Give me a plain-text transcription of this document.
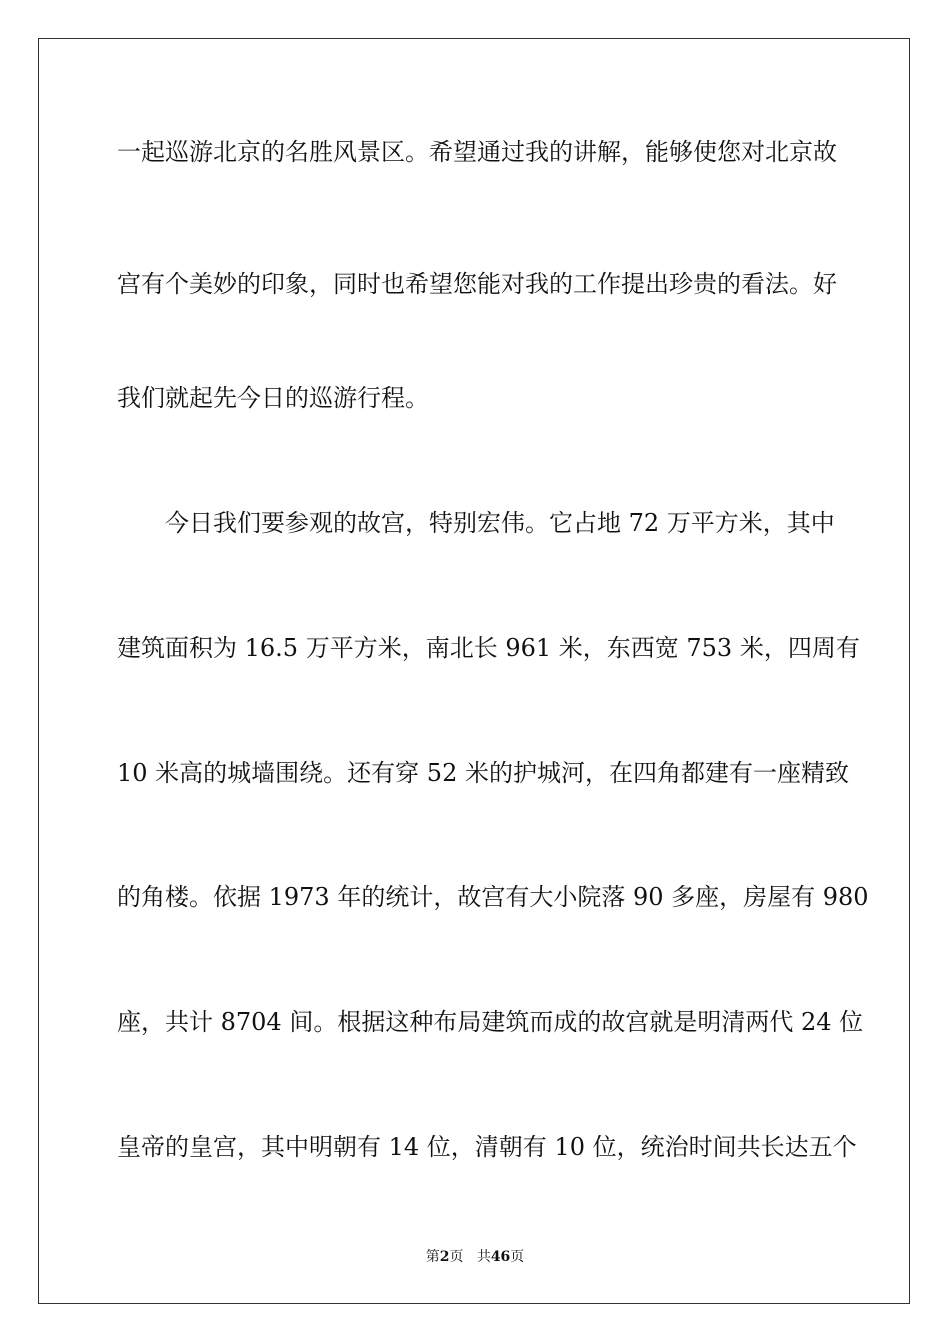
一起巡游北京的名胜风景区。希望通过我的讲解，能够使您对北京故
宫有个美妙的印象，同时也希望您能对我的工作提出珍贵的看法。好
我们就起先今日的巡游行程。
今日我们要参观的故宫，特别宏伟。它占地 72 万平方米，其中
建筑面积为 16.5 万平方米，南北长 961 米，东西宽 753 米，四周有
10 米高的城墙围绕。还有穿 52 米的护城河，在四角都建有一座精致
的角楼。依据 1973 年的统计，故宫有大小院落 90 多座，房屋有 980
座，共计 8704 间。根据这种布局建筑而成的故宫就是明清两代 24 位
皇帝的皇宫，其中明朝有 14 位，清朝有 10 位，统治时间共长达五个
第2页 共46页
